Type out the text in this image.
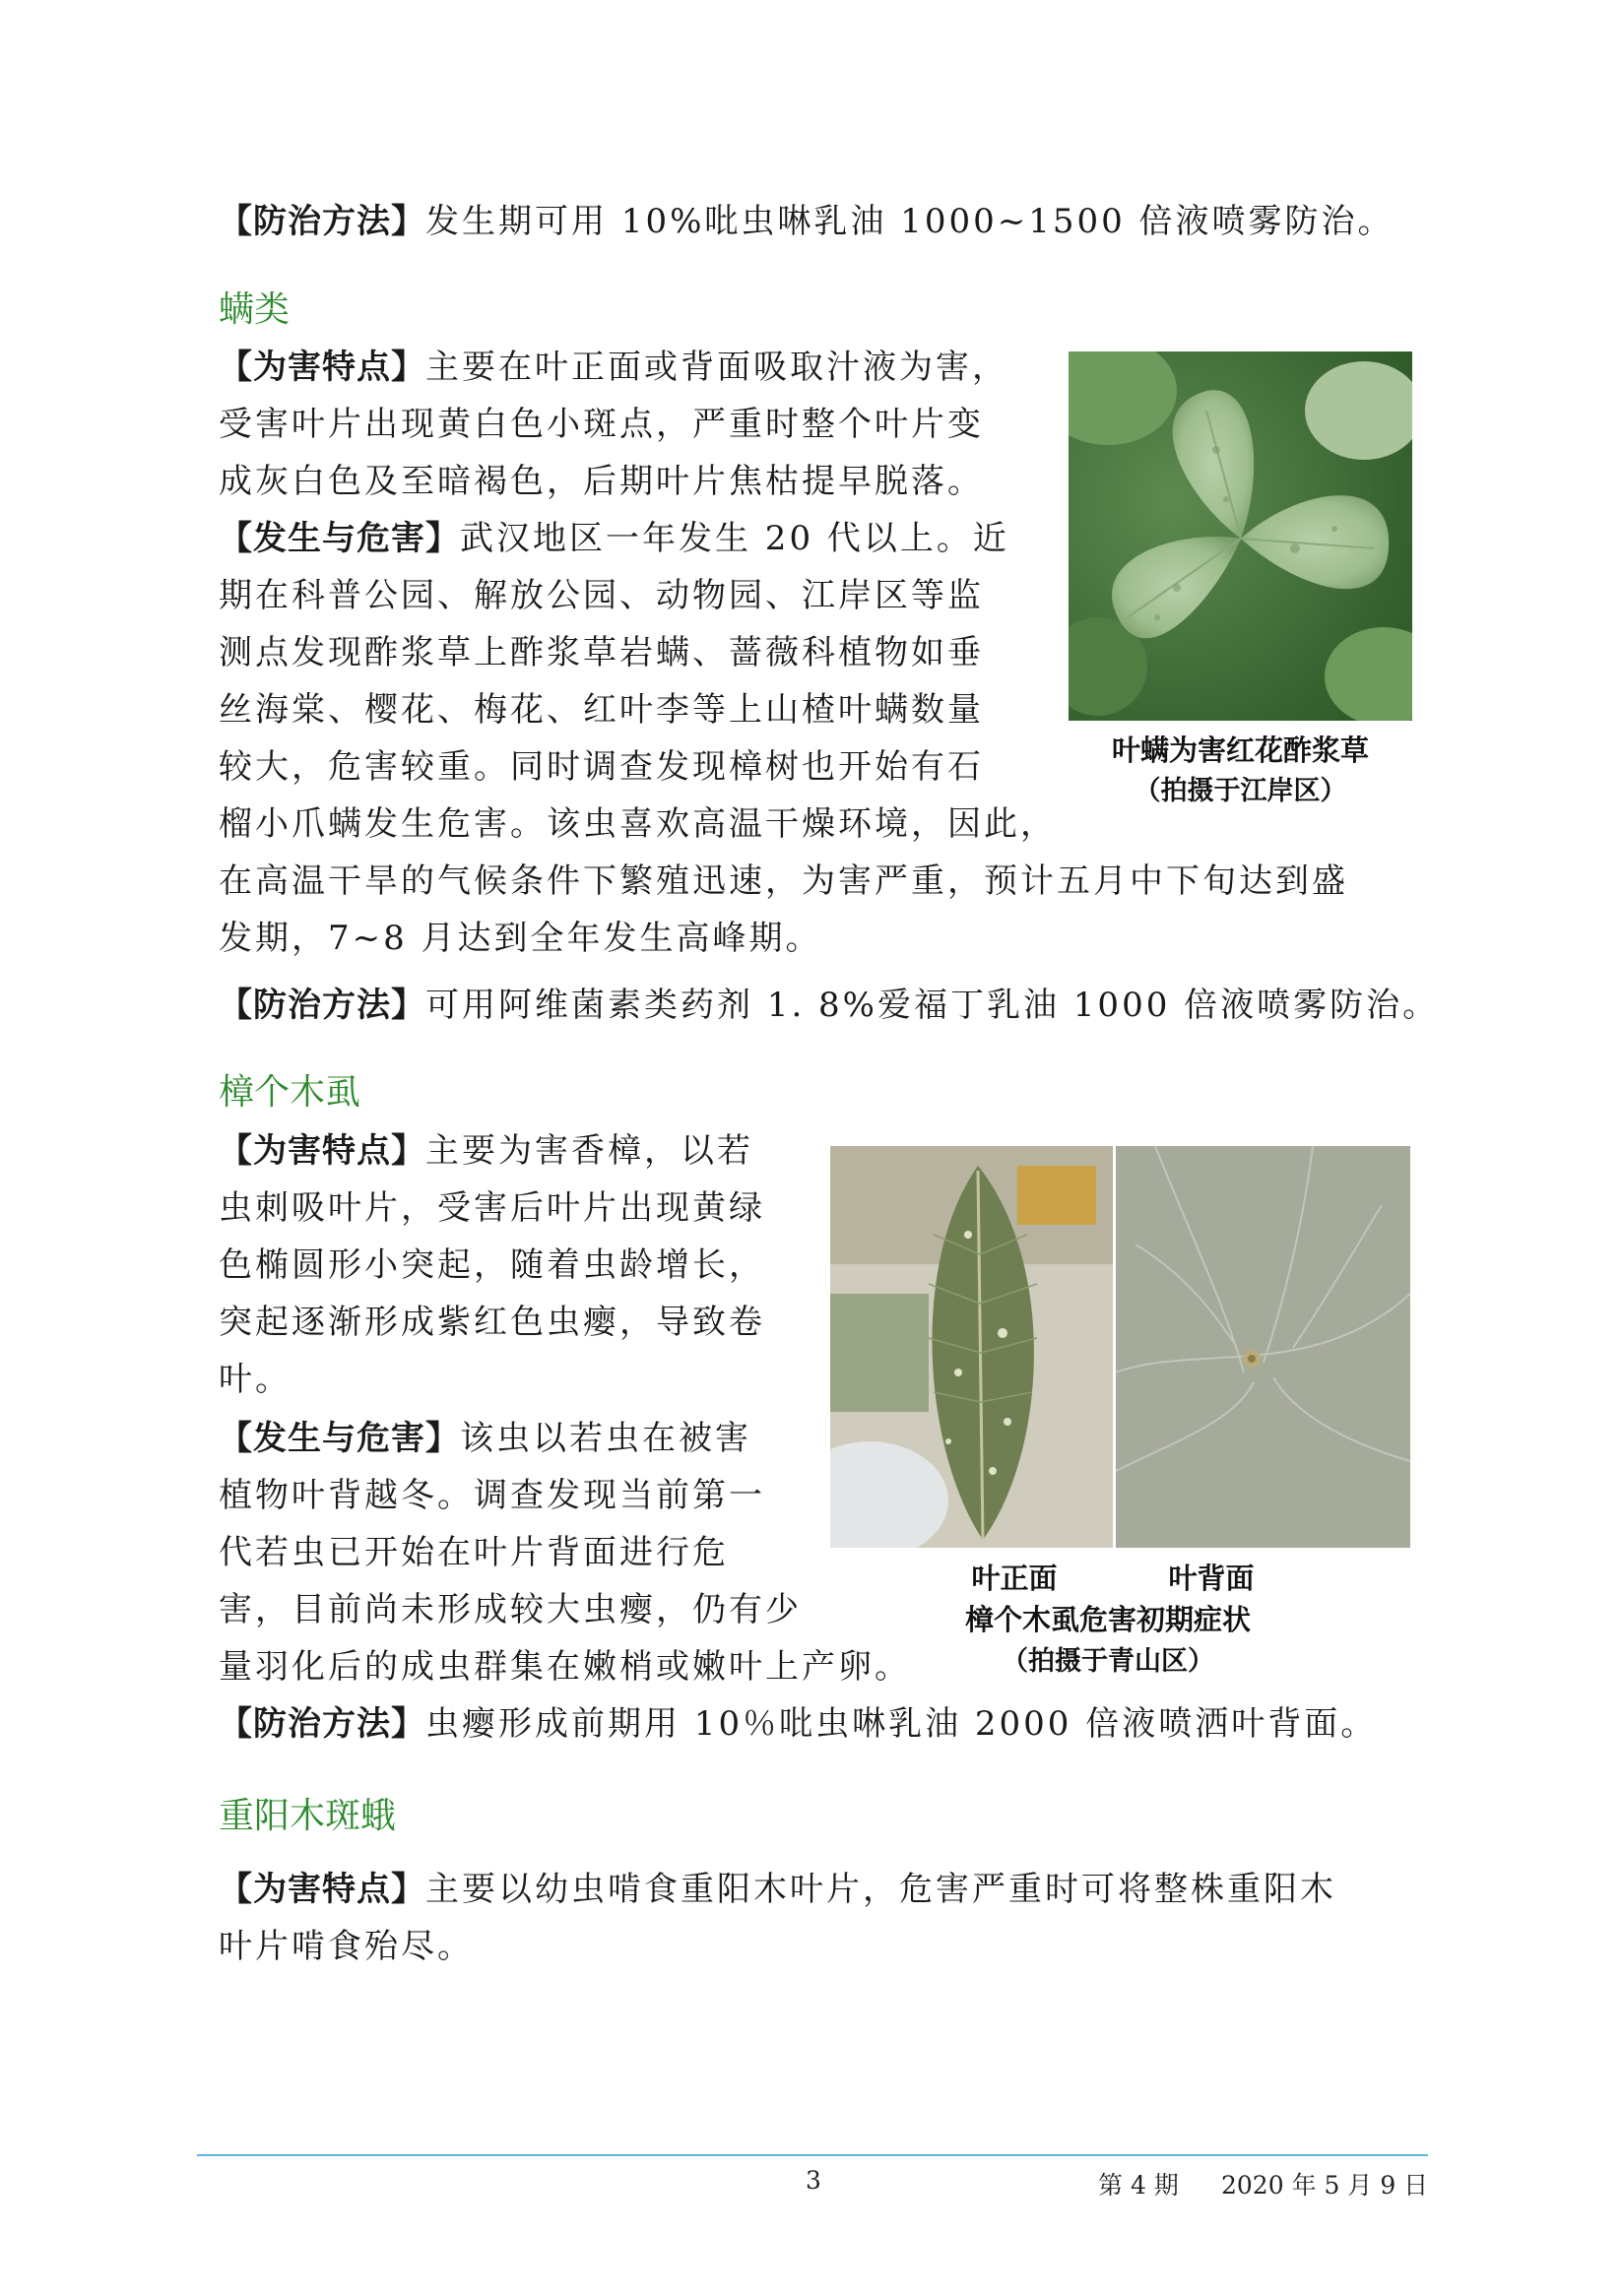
【防治方法】发生期可用 10%吡虫啉乳油 1000~1500 倍液喷雾防治。

螨类

【为害特点】主要在叶正面或背面吸取汁液为害，

受害叶片出现黄白色小斑点，严重时整个叶片变

成灰白色及至暗褐色，后期叶片焦枯提早脱落。

【发生与危害】武汉地区一年发生 20 代以上。近

期在科普公园、解放公园、动物园、江岸区等监

测点发现酢浆草上酢浆草岩螨、蔷薇科植物如垂

丝海棠、樱花、梅花、红叶李等上山楂叶螨数量

较大，危害较重。同时调查发现樟树也开始有石

榴小爪螨发生危害。该虫喜欢高温干燥环境，因此，

在高温干旱的气候条件下繁殖迅速，为害严重，预计五月中下旬达到盛

发期，7~8 月达到全年发生高峰期。

【防治方法】可用阿维菌素类药剂 1. 8%爱福丁乳油 1000 倍液喷雾防治。

叶螨为害红花酢浆草
（拍摄于江岸区）
樟个木虱

【为害特点】主要为害香樟，以若

虫刺吸叶片，受害后叶片出现黄绿

色椭圆形小突起，随着虫龄增长，

突起逐渐形成紫红色虫瘿，导致卷

叶。

【发生与危害】该虫以若虫在被害

植物叶背越冬。调查发现当前第一

代若虫已开始在叶片背面进行危

害，目前尚未形成较大虫瘿，仍有少

量羽化后的成虫群集在嫩梢或嫩叶上产卵。

【防治方法】虫瘿形成前期用 10％吡虫啉乳油 2000 倍液喷洒叶背面。

叶正面	叶背面
樟个木虱危害初期症状
（拍摄于青山区）
重阳木斑蛾

【为害特点】主要以幼虫啃食重阳木叶片，危害严重时可将整株重阳木

叶片啃食殆尽。

3	第 4 期 2020 年 5 月 9 日
